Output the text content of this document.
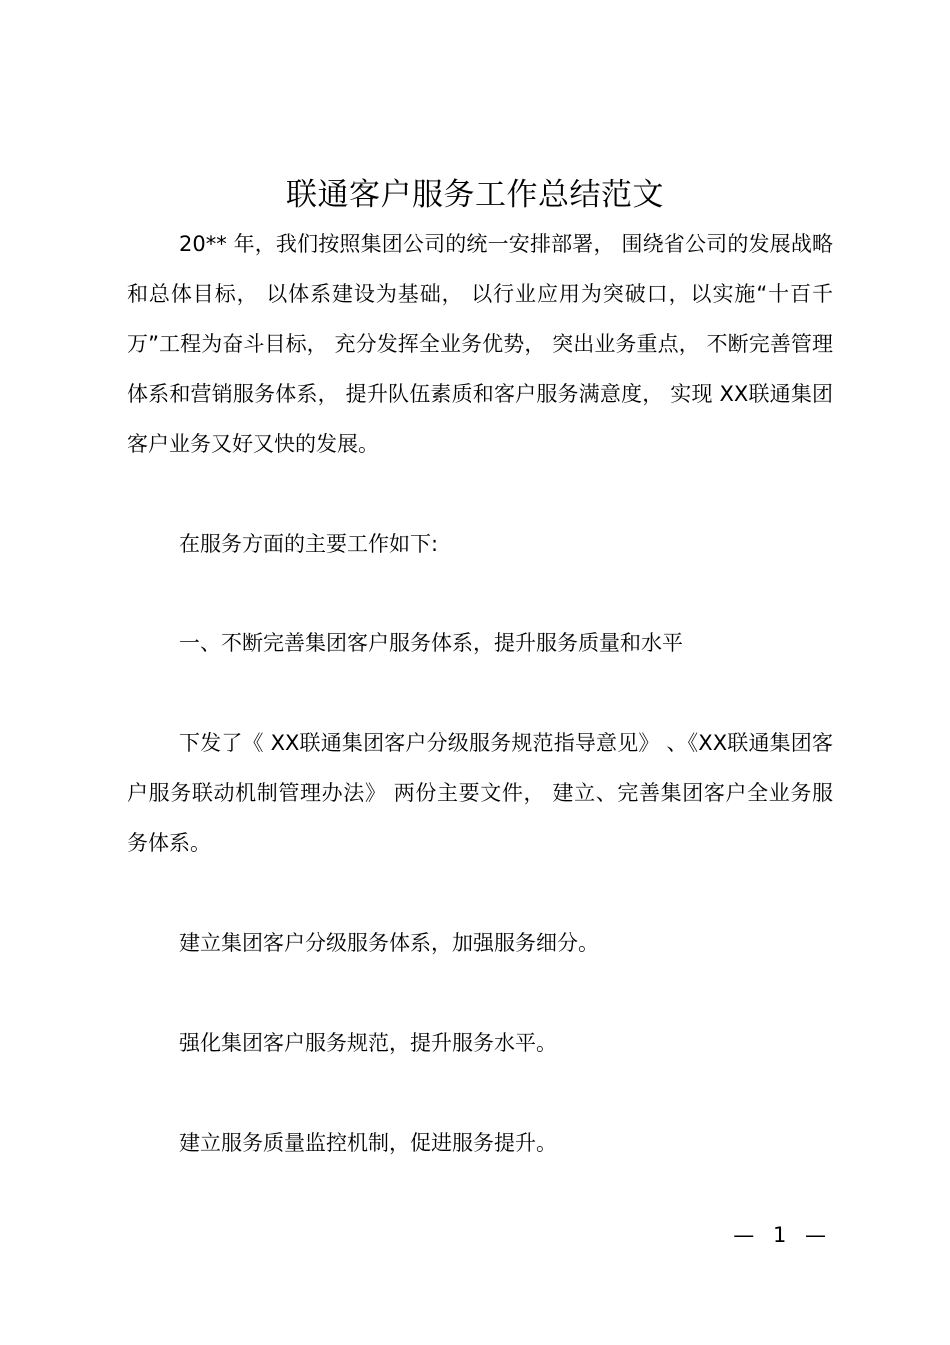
联通客户服务工作总结范文

20** 年，我们按照集团公司的统一安排部署， 围绕省公司的发展战略和总体目标， 以体系建设为基础， 以行业应用为突破口，以实施“十百千万”工程为奋斗目标， 充分发挥全业务优势， 突出业务重点， 不断完善管理体系和营销服务体系， 提升队伍素质和客户服务满意度， 实现 XX联通集团客户业务又好又快的发展。

在服务方面的主要工作如下:

一、不断完善集团客户服务体系，提升服务质量和水平

下发了《 XX联通集团客户分级服务规范指导意见》 、《XX联通集团客户服务联动机制管理办法》 两份主要文件， 建立、完善集团客户全业务服务体系。

建立集团客户分级服务体系，加强服务细分。

强化集团客户服务规范，提升服务水平。

建立服务质量监控机制，促进服务提升。

— 1 —
